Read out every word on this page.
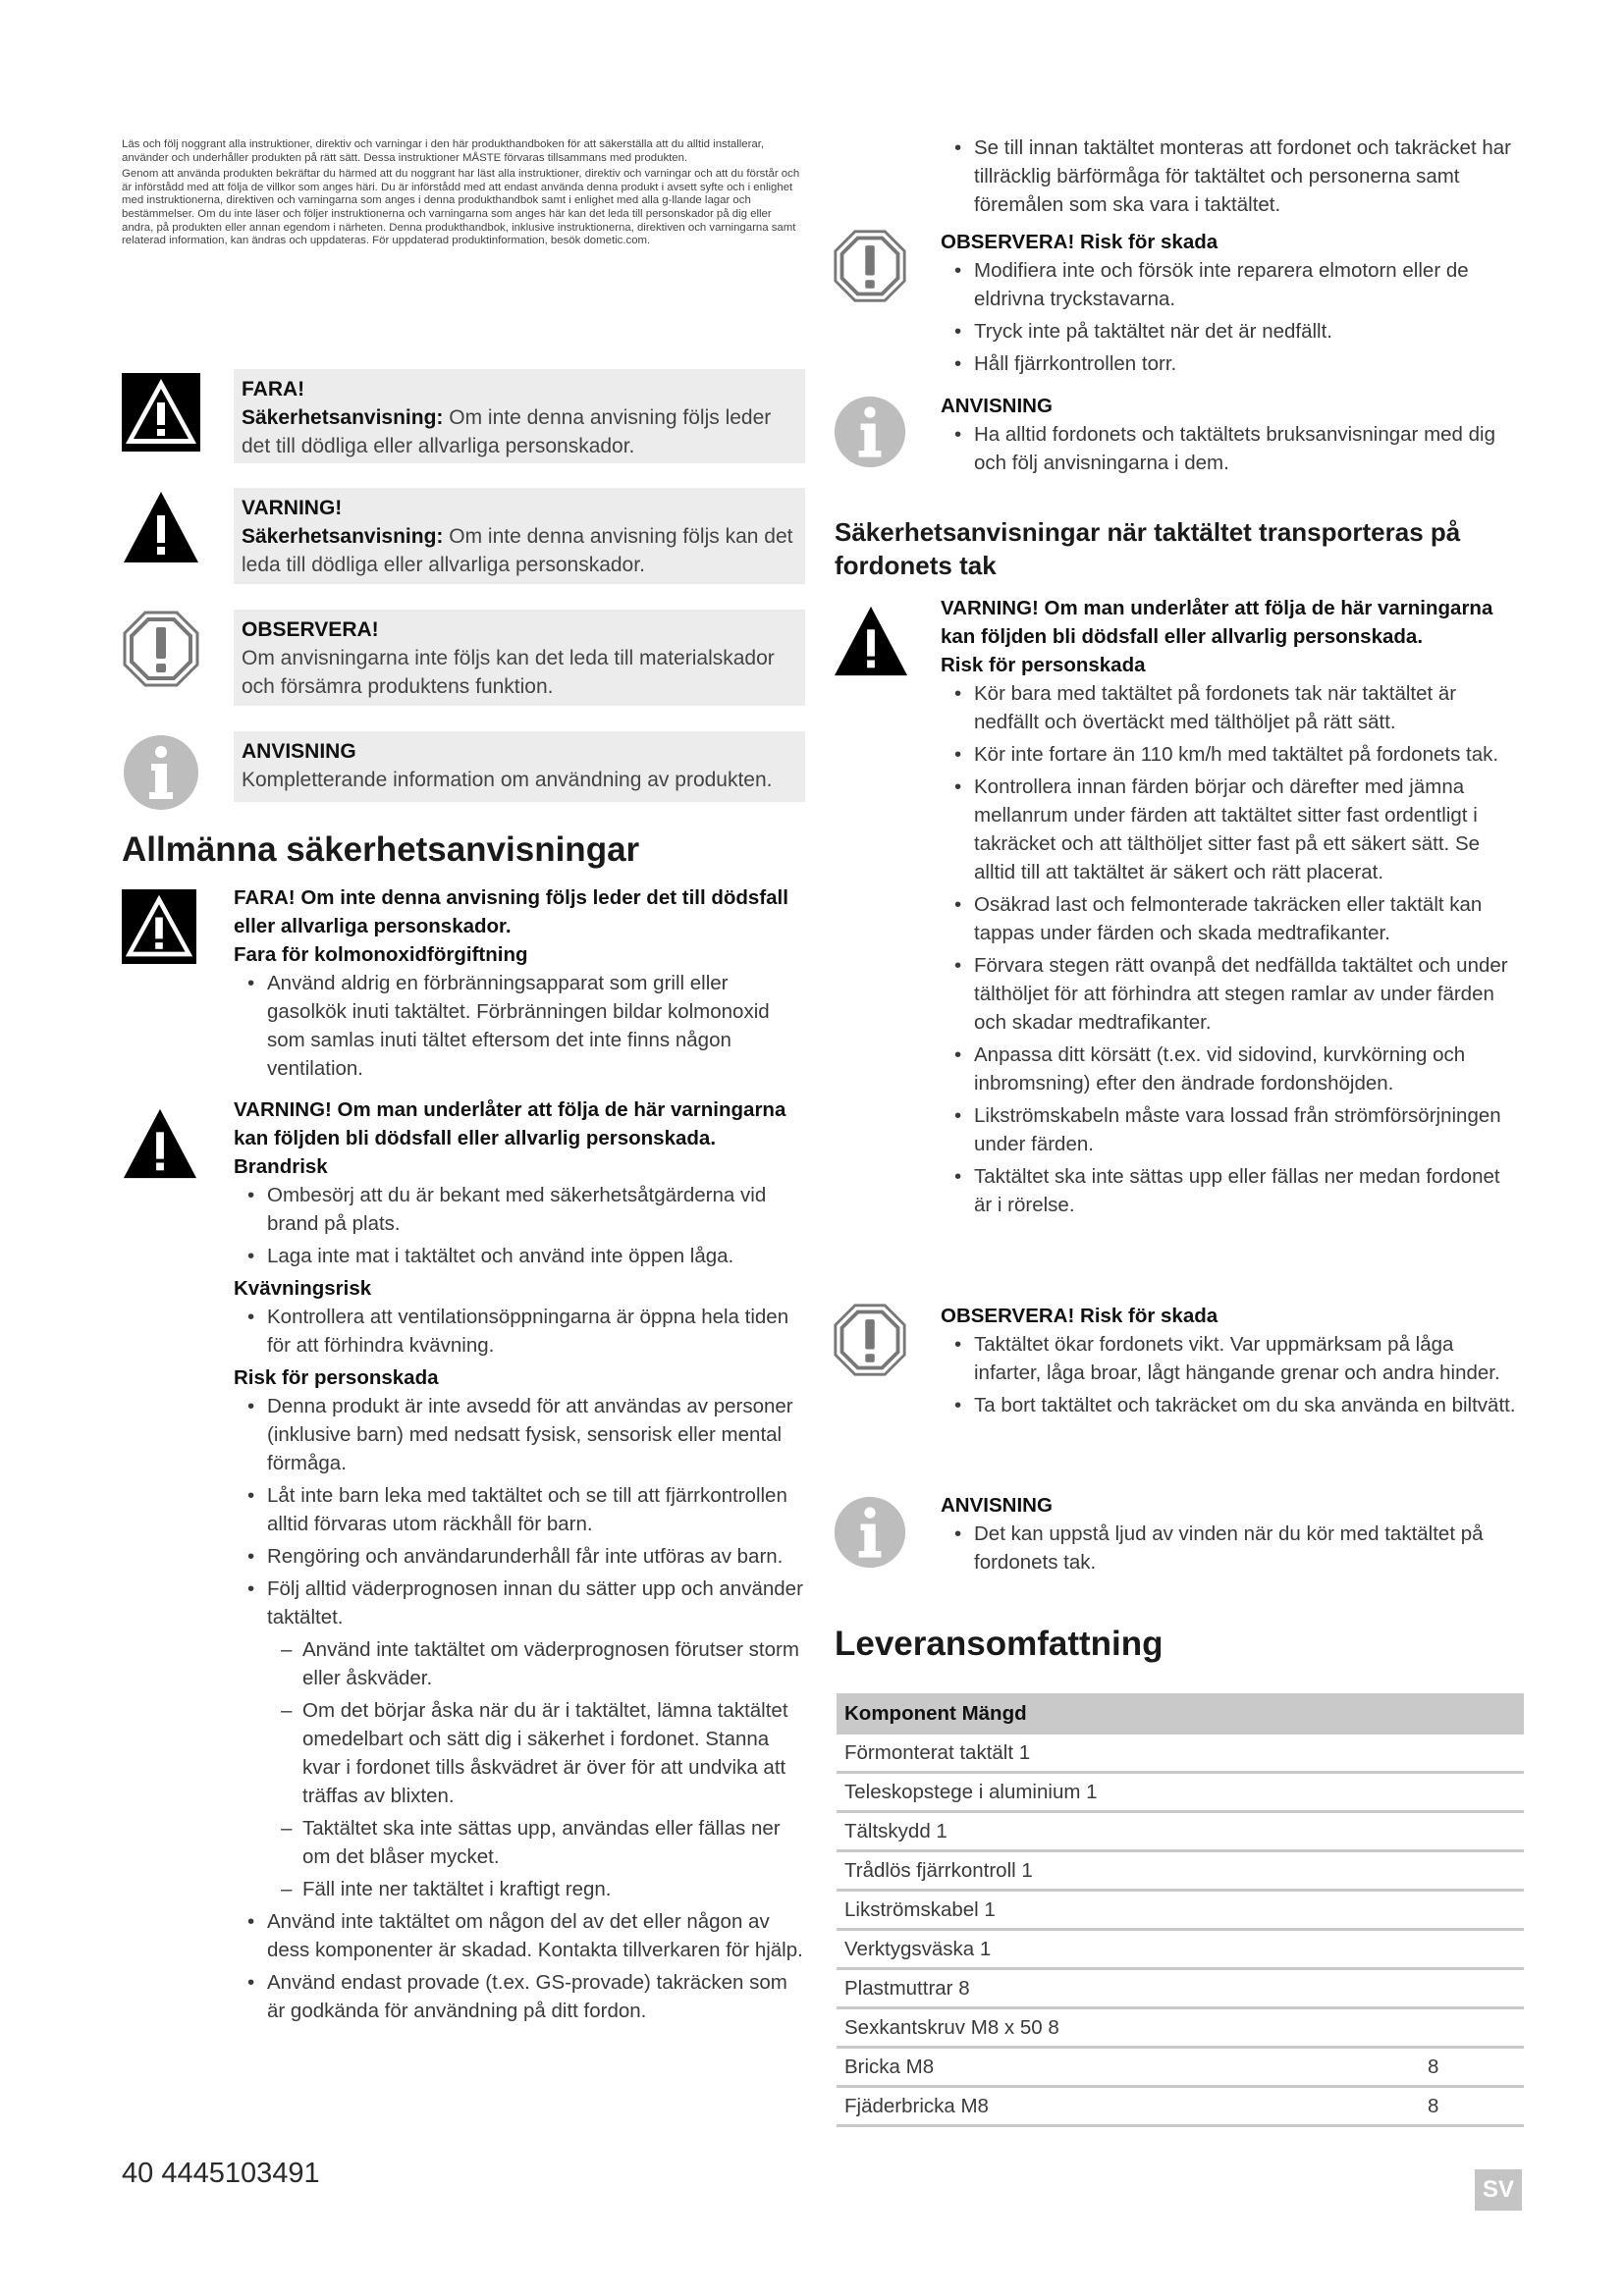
Läs och följ noggrant alla instruktioner, direktiv och varningar i den här produkthandboken för att säkerställa att du alltid installerar, använder och underhåller produkten på rätt sätt. Dessa instruktioner MÅSTE förvaras tillsammans med produkten.

Genom att använda produkten bekräftar du härmed att du noggrant har läst alla instruktioner, direktiv och varningar och att du förstår och är införstådd med att följa de villkor som anges häri. Du är införstådd med att endast använda denna produkt i avsett syfte och i enlighet med instruktionerna, direktiven och varningarna som anges i denna produkthandbok samt i enlighet med alla g‑llande lagar och bestämmelser. Om du inte läser och följer instruktionerna och varningarna som anges här kan det leda till personskador på dig eller andra, på produkten eller annan egendom i närheten. Denna produkthandbok, inklusive instruktionerna, direktiven och varningarna samt relaterad information, kan ändras och uppdateras. För uppdaterad produktinformation, besök dometic.com.

FARA!
Säkerhetsanvisning: Om inte denna anvisning följs leder det till dödliga eller allvarliga personskador.
VARNING!
Säkerhetsanvisning: Om inte denna anvisning följs kan det leda till dödliga eller allvarliga personskador.
OBSERVERA!
Om anvisningarna inte följs kan det leda till materialskador och försämra produktens funktion.
ANVISNING
Kompletterande information om användning av produkten.
Allmänna säkerhetsanvisningar
FARA! Om inte denna anvisning följs leder det till dödsfall eller allvarliga personskador.
Fara för kolmonoxidförgiftning
• Använd aldrig en förbränningsapparat som grill eller gasolkök inuti taktältet. Förbränningen bildar kolmonoxid som samlas inuti tältet eftersom det inte finns någon ventilation.
VARNING! Om man underlåter att följa de här varningarna kan följden bli dödsfall eller allvarlig personskada.
Brandrisk
• Ombesörj att du är bekant med säkerhetsåtgärderna vid brand på plats.
• Laga inte mat i taktältet och använd inte öppen låga.
Kvävningsrisk
• Kontrollera att ventilationsöppningarna är öppna hela tiden för att förhindra kvävning.
Risk för personskada
• Denna produkt är inte avsedd för att användas av personer (inklusive barn) med nedsatt fysisk, sensorisk eller mental förmåga.
• Låt inte barn leka med taktältet och se till att fjärrkontrollen alltid förvaras utom räckhåll för barn.
• Rengöring och användarunderhåll får inte utföras av barn.
• Följ alltid väderprognosen innan du sätter upp och använder taktältet.
– Använd inte taktältet om väderprognosen förutser storm eller åskväder.
– Om det börjar åska när du är i taktältet, lämna taktältet omedelbart och sätt dig i säkerhet i fordonet. Stanna kvar i fordonet tills åskvädret är över för att undvika att träffas av blixten.
– Taktältet ska inte sättas upp, användas eller fällas ner om det blåser mycket.
– Fäll inte ner taktältet i kraftigt regn.
• Använd inte taktältet om någon del av det eller någon av dess komponenter är skadad. Kontakta tillverkaren för hjälp.
• Använd endast provade (t.ex. GS-provade) takräcken som är godkända för användning på ditt fordon.
• Se till innan taktältet monteras att fordonet och takräcket har tillräcklig bärförmåga för taktältet och personerna samt föremålen som ska vara i taktältet.
OBSERVERA! Risk för skada
• Modifiera inte och försök inte reparera elmotorn eller de eldrivna tryckstavarna.
• Tryck inte på taktältet när det är nedfällt.
• Håll fjärrkontrollen torr.
ANVISNING
• Ha alltid fordonets och taktältets bruksanvisningar med dig och följ anvisningarna i dem.
Säkerhetsanvisningar när taktältet transporteras på fordonets tak
VARNING! Om man underlåter att följa de här varningarna kan följden bli dödsfall eller allvarlig personskada.
Risk för personskada
• Kör bara med taktältet på fordonets tak när taktältet är nedfällt och övertäckt med tälthöljet på rätt sätt.
• Kör inte fortare än 110 km/h med taktältet på fordonets tak.
• Kontrollera innan färden börjar och därefter med jämna mellanrum under färden att taktältet sitter fast ordentligt i takräcket och att tälthöljet sitter fast på ett säkert sätt. Se alltid till att taktältet är säkert och rätt placerat.
• Osäkrad last och felmonterade takräcken eller taktält kan tappas under färden och skada medtrafikanter.
• Förvara stegen rätt ovanpå det nedfällda taktältet och under tälthöljet för att förhindra att stegen ramlar av under färden och skadar medtrafikanter.
• Anpassa ditt körsätt (t.ex. vid sidovind, kurvkörning och inbromsning) efter den ändrade fordonshöjden.
• Likströmskabeln måste vara lossad från strömförsörjningen under färden.
• Taktältet ska inte sättas upp eller fällas ner medan fordonet är i rörelse.
OBSERVERA! Risk för skada
• Taktältet ökar fordonets vikt. Var uppmärksam på låga infarter, låga broar, lågt hängande grenar och andra hinder.
• Ta bort taktältet och takräcket om du ska använda en biltvätt.
ANVISNING
• Det kan uppstå ljud av vinden när du kör med taktältet på fordonets tak.
Leveransomfattning
Komponent Mängd	
Förmonterat taktält 1	
Teleskopstege i aluminium 1	
Tältskydd 1	
Trådlös fjärrkontroll 1	
Likströmskabel 1	
Verktygsväska 1	
Plastmuttrar 8	
Sexkantskruv M8 x 50 8	
Bricka M8	8
Fjäderbricka M8	8
40 4445103491
SV
